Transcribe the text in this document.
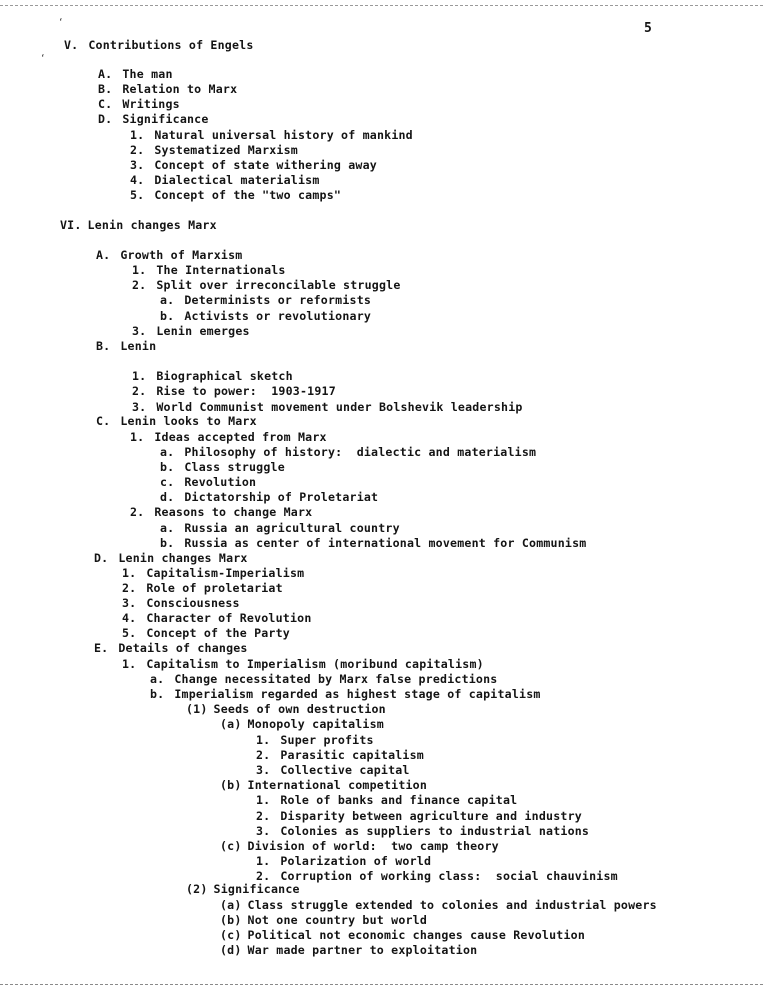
5
‘
‘
V. Contributions of Engels
A. The man
B. Relation to Marx
C. Writings
D. Significance
1. Natural universal history of mankind
2. Systematized Marxism
3. Concept of state withering away
4. Dialectical materialism
5. Concept of the "two camps"
VI. Lenin changes Marx
A. Growth of Marxism
1. The Internationals
2. Split over irreconcilable struggle
a. Determinists or reformists
b. Activists or revolutionary
3. Lenin emerges
B. Lenin
1. Biographical sketch
2. Rise to power:  1903-1917
3. World Communist movement under Bolshevik leadership
C. Lenin looks to Marx
1. Ideas accepted from Marx
a. Philosophy of history:  dialectic and materialism
b. Class struggle
c. Revolution
d. Dictatorship of Proletariat
2. Reasons to change Marx
a. Russia an agricultural country
b. Russia as center of international movement for Communism
D. Lenin changes Marx
1. Capitalism-Imperialism
2. Role of proletariat
3. Consciousness
4. Character of Revolution
5. Concept of the Party
E. Details of changes
1. Capitalism to Imperialism (moribund capitalism)
a. Change necessitated by Marx false predictions
b. Imperialism regarded as highest stage of capitalism
(1) Seeds of own destruction
(a) Monopoly capitalism
1. Super profits
2. Parasitic capitalism
3. Collective capital
(b) International competition
1. Role of banks and finance capital
2. Disparity between agriculture and industry
3. Colonies as suppliers to industrial nations
(c) Division of world:  two camp theory
1. Polarization of world
2. Corruption of working class:  social chauvinism
(2) Significance
(a) Class struggle extended to colonies and industrial powers
(b) Not one country but world
(c) Political not economic changes cause Revolution
(d) War made partner to exploitation
